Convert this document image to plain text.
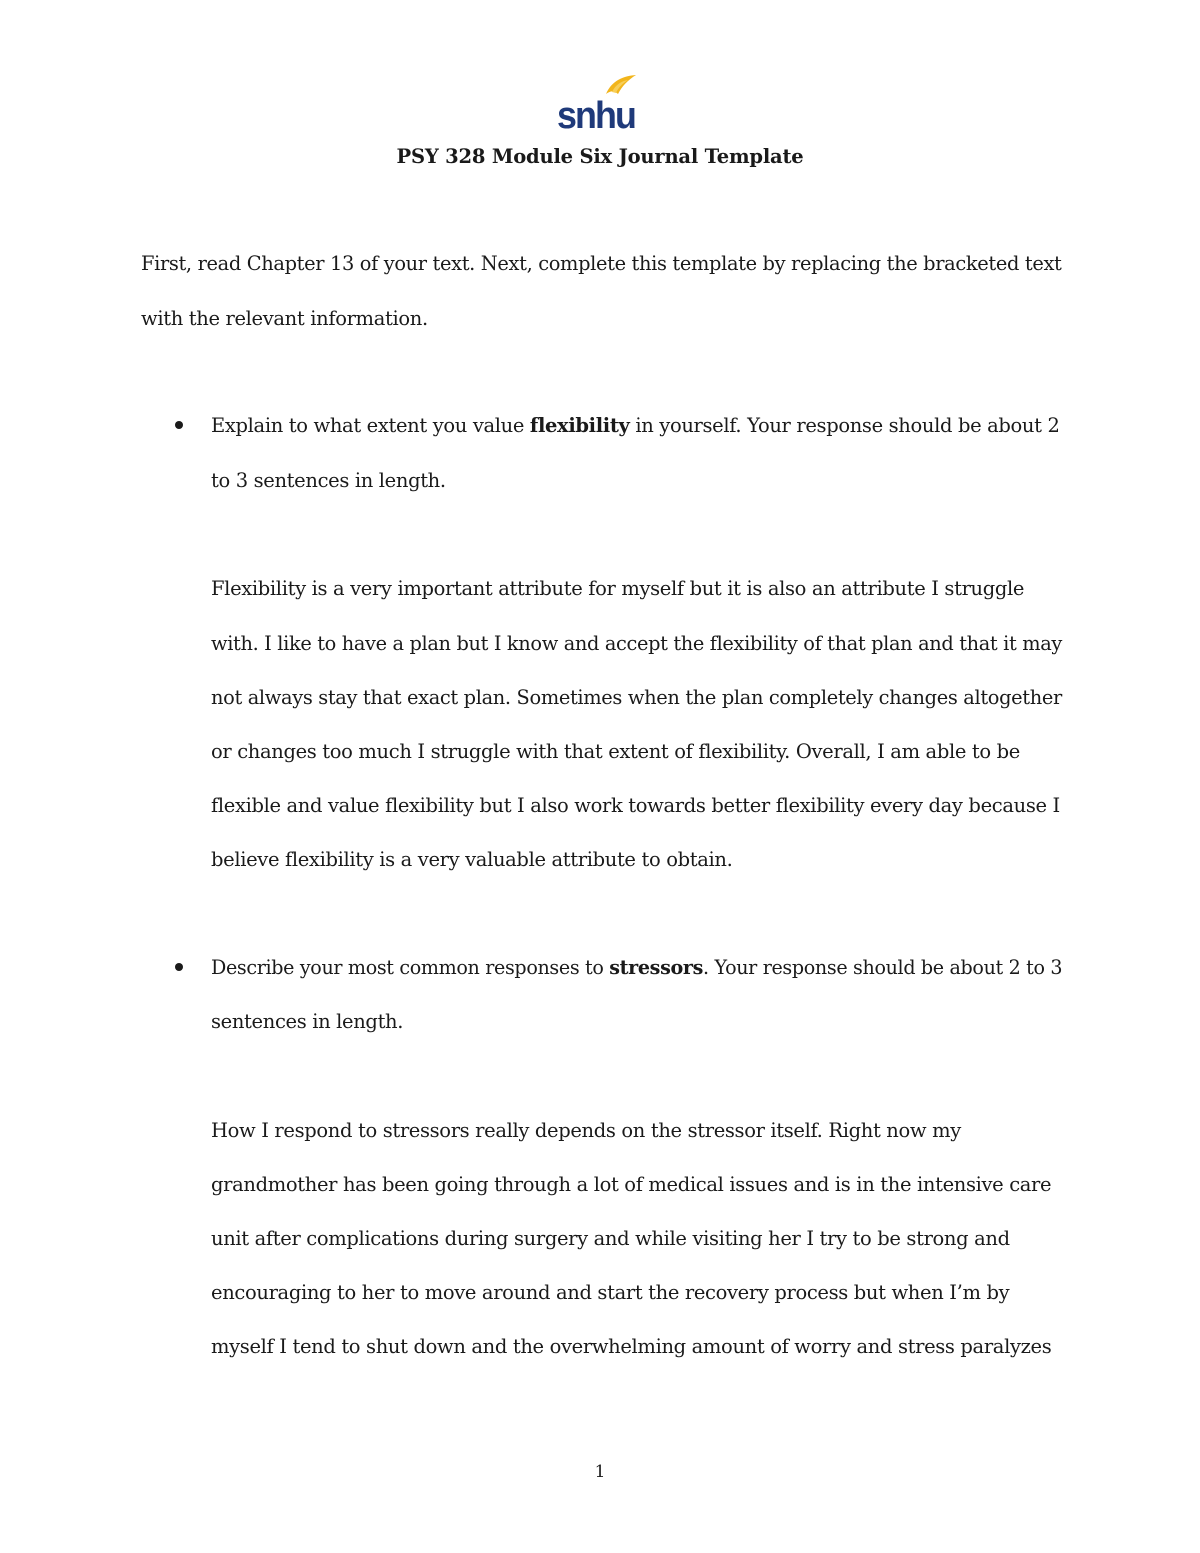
snhu
PSY 328 Module Six Journal Template
First, read Chapter 13 of your text. Next, complete this template by replacing the bracketed text
with the relevant information.
Explain to what extent you value flexibility in yourself. Your response should be about 2
to 3 sentences in length.
Flexibility is a very important attribute for myself but it is also an attribute I struggle
with. I like to have a plan but I know and accept the flexibility of that plan and that it may
not always stay that exact plan. Sometimes when the plan completely changes altogether
or changes too much I struggle with that extent of flexibility. Overall, I am able to be
flexible and value flexibility but I also work towards better flexibility every day because I
believe flexibility is a very valuable attribute to obtain.
Describe your most common responses to stressors. Your response should be about 2 to 3
sentences in length.
How I respond to stressors really depends on the stressor itself. Right now my
grandmother has been going through a lot of medical issues and is in the intensive care
unit after complications during surgery and while visiting her I try to be strong and
encouraging to her to move around and start the recovery process but when I’m by
myself I tend to shut down and the overwhelming amount of worry and stress paralyzes
1
